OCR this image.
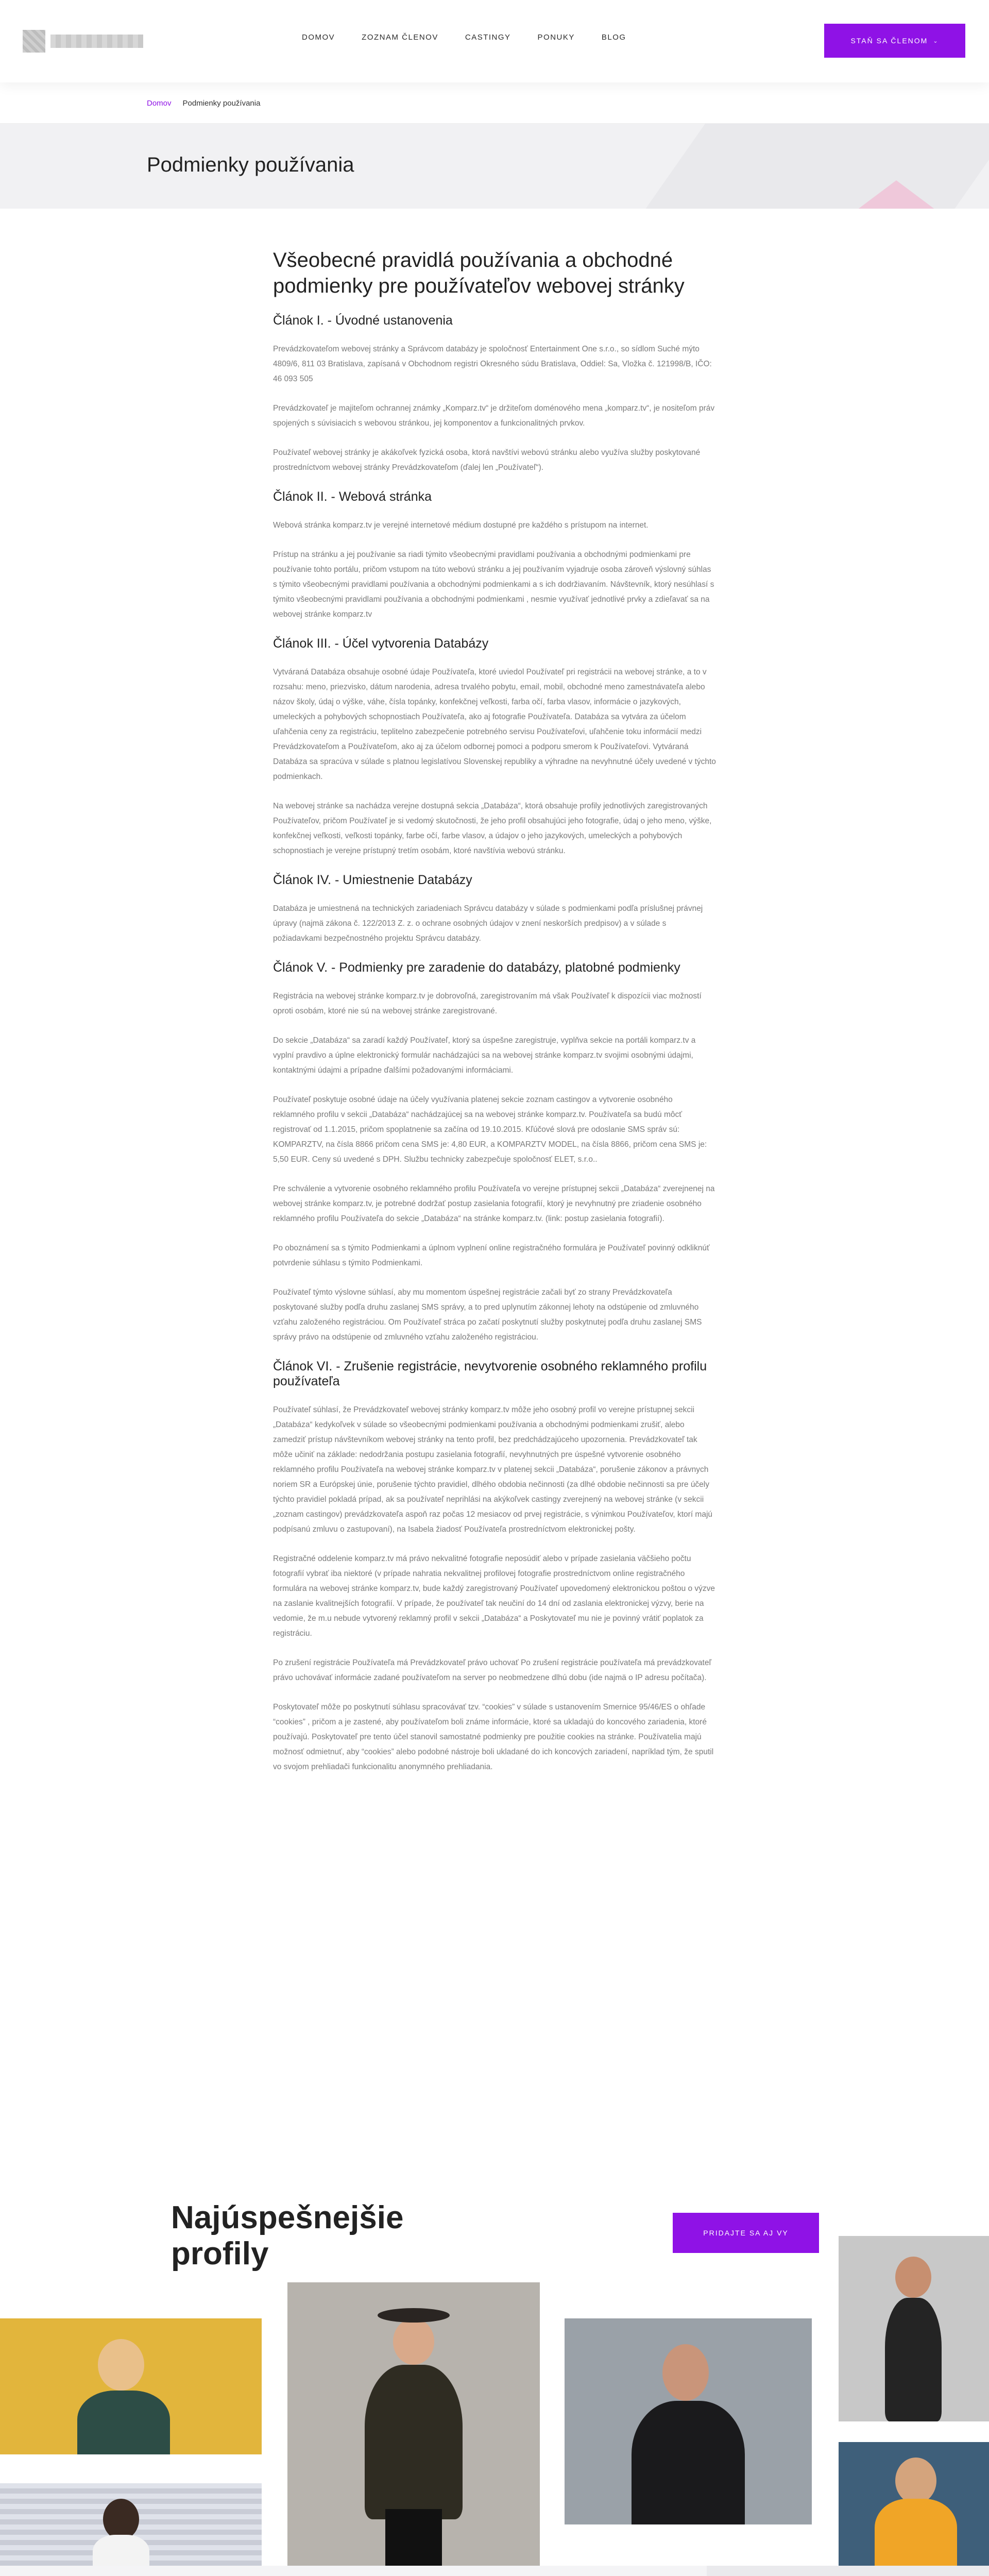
DOMOV	ZOZNAM ČLENOV	CASTINGY	PONUKY	BLOG	STAŇ SA ČLENOM ⌄
Domov Podmienky používania
Podmienky používania
Všeobecné pravidlá používania a obchodné podmienky pre používateľov webovej stránky
Článok I. - Úvodné ustanovenia

Prevádzkovateľom webovej stránky a Správcom databázy je spoločnosť Entertainment One s.r.o., so sídlom Suché mýto 4809/6, 811 03 Bratislava, zapísaná v Obchodnom registri Okresného súdu Bratislava, Oddiel: Sa, Vložka č. 121998/B, IČO: 46 093 505

Prevádzkovateľ je majiteľom ochrannej známky „Komparz.tv“ je držiteľom doménového mena „komparz.tv“, je nositeľom práv spojených s súvisiacich s webovou stránkou, jej komponentov a funkcionalitných prvkov.

Používateľ webovej stránky je akákoľvek fyzická osoba, ktorá navštívi webovú stránku alebo využíva služby poskytované prostredníctvom webovej stránky Prevádzkovateľom (ďalej len „Používateľ“).

Článok II. - Webová stránka

Webová stránka komparz.tv je verejné internetové médium dostupné pre každého s prístupom na internet.

Prístup na stránku a jej používanie sa riadi týmito všeobecnými pravidlami používania a obchodnými podmienkami pre používanie tohto portálu, pričom vstupom na túto webovú stránku a jej používaním vyjadruje osoba zároveň výslovný súhlas s týmito všeobecnými pravidlami používania a obchodnými podmienkami a s ich dodržiavaním. Návštevník, ktorý nesúhlasí s týmito všeobecnými pravidlami používania a obchodnými podmienkami , nesmie využívať jednotlivé prvky a zdieľavať sa na webovej stránke komparz.tv

Článok III. - Účel vytvorenia Databázy

Vytváraná Databáza obsahuje osobné údaje Používateľa, ktoré uviedol Používateľ pri registrácii na webovej stránke, a to v rozsahu: meno, priezvisko, dátum narodenia, adresa trvalého pobytu, email, mobil, obchodné meno zamestnávateľa alebo názov školy, údaj o výške, váhe, čísla topánky, konfekčnej veľkosti, farba očí, farba vlasov, informácie o jazykových, umeleckých a pohybových schopnostiach Používateľa, ako aj fotografie Používateľa. Databáza sa vytvára za účelom uľahčenia ceny za registráciu, teplitelno zabezpečenie potrebného servisu Používateľovi, uľahčenie toku informácií medzi Prevádzkovateľom a Používateľom, ako aj za účelom odbornej pomoci a podporu smerom k Používateľovi. Vytváraná Databáza sa spracúva v súlade s platnou legislatívou Slovenskej republiky a výhradne na nevyhnutné účely uvedené v týchto podmienkach.

Na webovej stránke sa nachádza verejne dostupná sekcia „Databáza“, ktorá obsahuje profily jednotlivých zaregistrovaných Používateľov, pričom Používateľ je si vedomý skutočnosti, že jeho profil obsahujúci jeho fotografie, údaj o jeho meno, výške, konfekčnej veľkosti, veľkosti topánky, farbe očí, farbe vlasov, a údajov o jeho jazykových, umeleckých a pohybových schopnostiach je verejne prístupný tretím osobám, ktoré navštívia webovú stránku.

Článok IV. - Umiestnenie Databázy

Databáza je umiestnená na technických zariadeniach Správcu databázy v súlade s podmienkami podľa príslušnej právnej úpravy (najmä zákona č. 122/2013 Z. z. o ochrane osobných údajov v znení neskorších predpisov) a v súlade s požiadavkami bezpečnostného projektu Správcu databázy.

Článok V. - Podmienky pre zaradenie do databázy, platobné podmienky

Registrácia na webovej stránke komparz.tv je dobrovoľná, zaregistrovaním má však Používateľ k dispozícii viac možností oproti osobám, ktoré nie sú na webovej stránke zaregistrované.

Do sekcie „Databáza“ sa zaradí každý Používateľ, ktorý sa úspešne zaregistruje, vyplňva sekcie na portáli komparz.tv a vyplní pravdivo a úplne elektronický formulár nachádzajúci sa na webovej stránke komparz.tv svojimi osobnými údajmi, kontaktnými údajmi a prípadne ďalšími požadovanými informáciami.

Používateľ poskytuje osobné údaje na účely využívania platenej sekcie zoznam castingov a vytvorenie osobného reklamného profilu v sekcii „Databáza“ nachádzajúcej sa na webovej stránke komparz.tv. Používateľa sa budú môcť registrovať od 1.1.2015, pričom spoplatnenie sa začína od 19.10.2015. Kľúčové slová pre odoslanie SMS správ sú: KOMPARZTV, na čísla 8866 pričom cena SMS je: 4,80 EUR, a KOMPARZTV MODEL, na čísla 8866, pričom cena SMS je: 5,50 EUR. Ceny sú uvedené s DPH. Službu technicky zabezpečuje spoločnosť ELET, s.r.o..

Pre schválenie a vytvorenie osobného reklamného profilu Používateľa vo verejne prístupnej sekcii „Databáza“ zverejnenej na webovej stránke komparz.tv, je potrebné dodržať postup zasielania fotografií, ktorý je nevyhnutný pre zriadenie osobného reklamného profilu Používateľa do sekcie „Databáza“ na stránke komparz.tv. (link: postup zasielania fotografií).

Po oboznámení sa s týmito Podmienkami a úplnom vyplnení online registračného formulára je Používateľ povinný odkliknúť potvrdenie súhlasu s týmito Podmienkami.

Používateľ týmto výslovne súhlasí, aby mu momentom úspešnej registrácie začali byť zo strany Prevádzkovateľa poskytované služby podľa druhu zaslanej SMS správy, a to pred uplynutím zákonnej lehoty na odstúpenie od zmluvného vzťahu založeného registráciou. Om Používateľ stráca po začatí poskytnutí služby poskytnutej podľa druhu zaslanej SMS správy právo na odstúpenie od zmluvného vzťahu založeného registráciou.

Článok VI. - Zrušenie registrácie, nevytvorenie osobného reklamného profilu používateľa

Používateľ súhlasí, že Prevádzkovateľ webovej stránky komparz.tv môže jeho osobný profil vo verejne prístupnej sekcii „Databáza“ kedykoľvek v súlade so všeobecnými podmienkami používania a obchodnými podmienkami zrušiť, alebo zamedziť prístup návštevníkom webovej stránky na tento profil, bez predchádzajúceho upozornenia. Prevádzkovateľ tak môže učiniť na základe: nedodržania postupu zasielania fotografií, nevyhnutných pre úspešné vytvorenie osobného reklamného profilu Používateľa na webovej stránke komparz.tv v platenej sekcii „Databáza“, porušenie zákonov a právnych noriem SR a Európskej únie, porušenie týchto pravidiel, dlhého obdobia nečinnosti (za dlhé obdobie nečinnosti sa pre účely týchto pravidiel pokladá prípad, ak sa používateľ neprihlási na akýkoľvek castingy zverejnený na webovej stránke (v sekcii „zoznam castingov) prevádzkovateľa aspoň raz počas 12 mesiacov od prvej registrácie, s výnimkou Používateľov, ktorí majú podpísanú zmluvu o zastupovaní), na Isabela žiadosť Používateľa prostredníctvom elektronickej pošty.

Registračné oddelenie komparz.tv má právo nekvalitné fotografie neposúdiť alebo v prípade zasielania väčšieho počtu fotografií vybrať iba niektoré (v prípade nahratia nekvalitnej profilovej fotografie prostredníctvom online registračného formulára na webovej stránke komparz.tv, bude každý zaregistrovaný Používateľ upovedomený elektronickou poštou o výzve na zaslanie kvalitnejších fotografií. V prípade, že používateľ tak neučiní do 14 dní od zaslania elektronickej výzvy, berie na vedomie, že m.u nebude vytvorený reklamný profil v sekcii „Databáza“ a Poskytovateľ mu nie je povinný vrátiť poplatok za registráciu.

Po zrušení registrácie Používateľa má Prevádzkovateľ právo uchovať Po zrušení registrácie používateľa má prevádzkovateľ právo uchovávať informácie zadané používateľom na server po neobmedzene dlhú dobu (ide najmä o IP adresu počítača).

Poskytovateľ môže po poskytnutí súhlasu spracovávať tzv. “cookies” v súlade s ustanovením Smernice 95/46/ES o ohľade “cookies” , pričom a je zastené, aby používateľom boli známe informácie, ktoré sa ukladajú do koncového zariadenia, ktoré používajú. Poskytovateľ pre tento účel stanovil samostatné podmienky pre použitie cookies na stránke. Používatelia majú možnosť odmietnuť, aby “cookies” alebo podobné nástroje boli ukladané do ich koncových zariadení, napríklad tým, že sputil vo svojom prehliadači funkcionalitu anonymného prehliadania.

Najúspešnejšie profily
PRIDAJTE SA AJ VY
